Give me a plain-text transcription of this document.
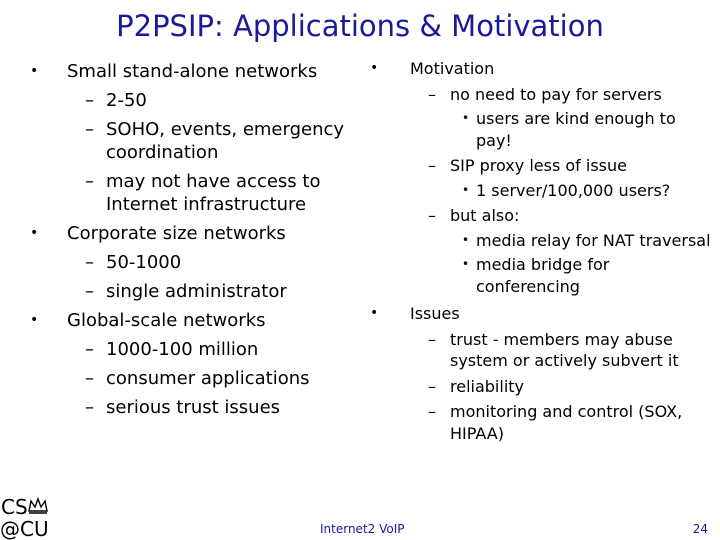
P2PSIP: Applications & Motivation
• Small stand-alone networks
– 2-50
– SOHO, events, emergency coordination
– may not have access to Internet infrastructure
• Corporate size networks
– 50-1000
– single administrator
• Global-scale networks
– 1000-100 million
– consumer applications
– serious trust issues
• Motivation
– no need to pay for servers
• users are kind enough to pay!
– SIP proxy less of issue
• 1 server/100,000 users?
– but also:
• media relay for NAT traversal
• media bridge for conferencing
• Issues
– trust - members may abuse system or actively subvert it
– reliability
– monitoring and control (SOX, HIPAA)
CS
@CU	Internet2 VoIP	24
